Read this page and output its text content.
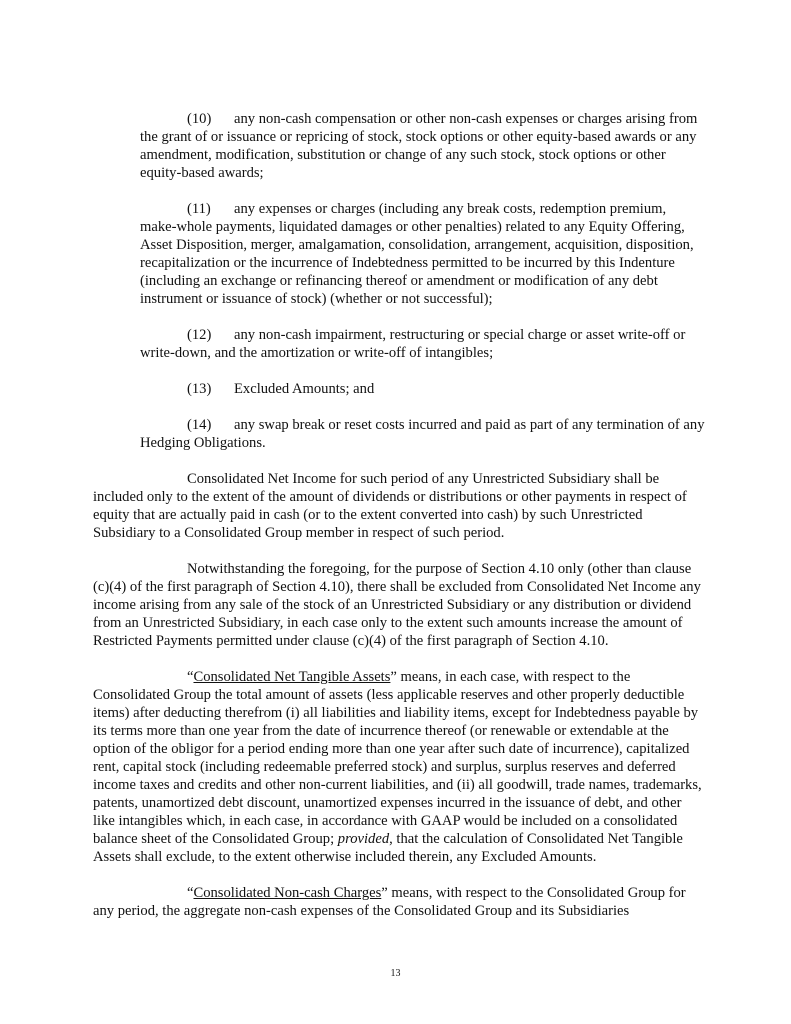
(10) any non-cash compensation or other non-cash expenses or charges arising from the grant of or issuance or repricing of stock, stock options or other equity-based awards or any amendment, modification, substitution or change of any such stock, stock options or other equity-based awards;

(11) any expenses or charges (including any break costs, redemption premium, make-whole payments, liquidated damages or other penalties) related to any Equity Offering, Asset Disposition, merger, amalgamation, consolidation, arrangement, acquisition, disposition, recapitalization or the incurrence of Indebtedness permitted to be incurred by this Indenture (including an exchange or refinancing thereof or amendment or modification of any debt instrument or issuance of stock) (whether or not successful);

(12) any non-cash impairment, restructuring or special charge or asset write-off or write-down, and the amortization or write-off of intangibles;

(13) Excluded Amounts; and

(14) any swap break or reset costs incurred and paid as part of any termination of any Hedging Obligations.

Consolidated Net Income for such period of any Unrestricted Subsidiary shall be included only to the extent of the amount of dividends or distributions or other payments in respect of equity that are actually paid in cash (or to the extent converted into cash) by such Unrestricted Subsidiary to a Consolidated Group member in respect of such period.

Notwithstanding the foregoing, for the purpose of Section 4.10 only (other than clause (c)(4) of the first paragraph of Section 4.10), there shall be excluded from Consolidated Net Income any income arising from any sale of the stock of an Unrestricted Subsidiary or any distribution or dividend from an Unrestricted Subsidiary, in each case only to the extent such amounts increase the amount of Restricted Payments permitted under clause (c)(4) of the first paragraph of Section 4.10.

“Consolidated Net Tangible Assets” means, in each case, with respect to the Consolidated Group the total amount of assets (less applicable reserves and other properly deductible items) after deducting therefrom (i) all liabilities and liability items, except for Indebtedness payable by its terms more than one year from the date of incurrence thereof (or renewable or extendable at the option of the obligor for a period ending more than one year after such date of incurrence), capitalized rent, capital stock (including redeemable preferred stock) and surplus, surplus reserves and deferred income taxes and credits and other non-current liabilities, and (ii) all goodwill, trade names, trademarks, patents, unamortized debt discount, unamortized expenses incurred in the issuance of debt, and other like intangibles which, in each case, in accordance with GAAP would be included on a consolidated balance sheet of the Consolidated Group; provided, that the calculation of Consolidated Net Tangible Assets shall exclude, to the extent otherwise included therein, any Excluded Amounts.

“Consolidated Non-cash Charges” means, with respect to the Consolidated Group for any period, the aggregate non-cash expenses of the Consolidated Group and its Subsidiaries

13
